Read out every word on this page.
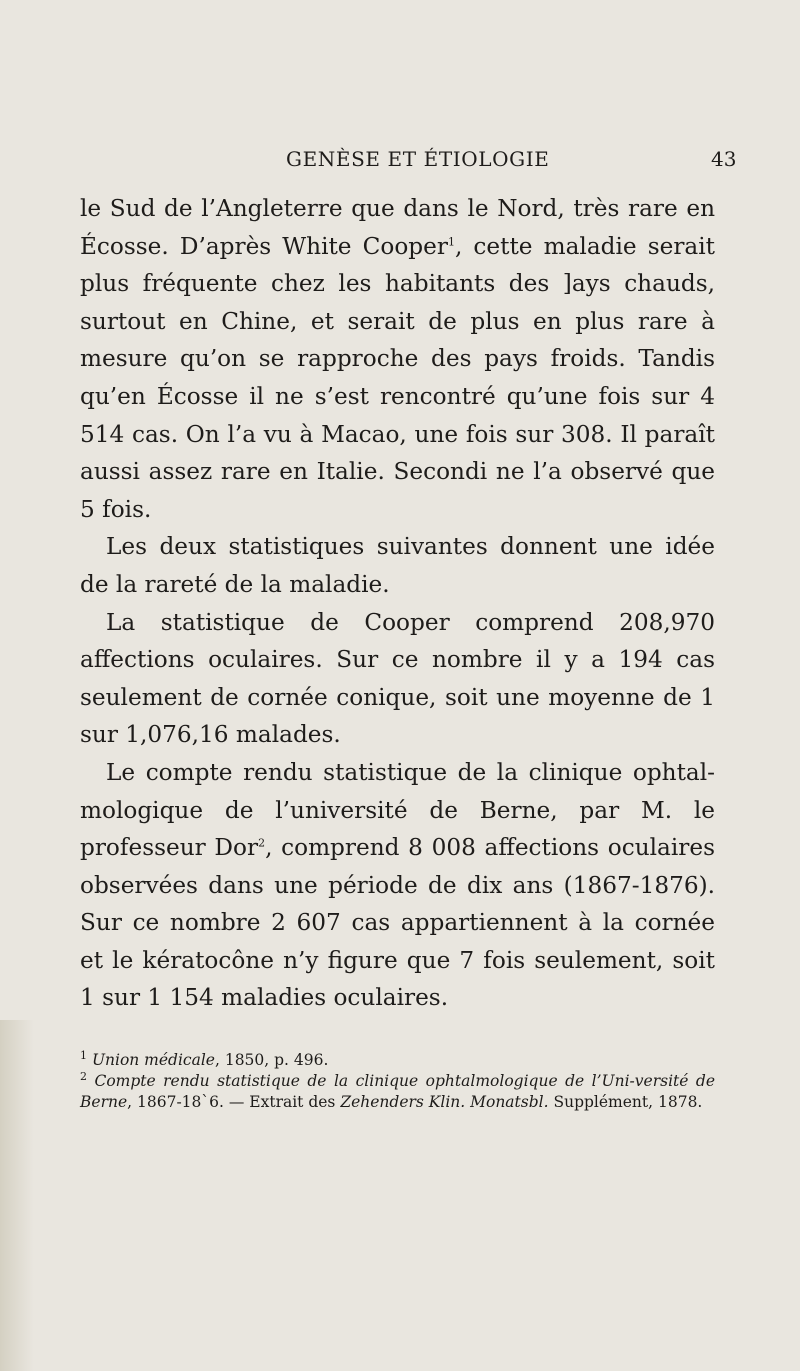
GENÈSE ET ÉTIOLOGIE	43

le Sud de l’Angleterre que dans le Nord, très rare en Écosse. D’après White Cooper$^1$, cette maladie serait plus fréquente chez les habitants des ]ays chauds, surtout en Chine, et serait de plus en plus rare à mesure qu’on se rapproche des pays froids. Tandis qu’en Écosse il ne s’est rencontré qu’une fois sur 4 514 cas. On l’a vu à Macao, une fois sur 308. Il paraît aussi assez rare en Italie. Secondi ne l’a observé que 5 fois.

Les deux statistiques suivantes donnent une idée de la rareté de la maladie.

La statistique de Cooper comprend 208,970 affections oculaires. Sur ce nombre il y a 194 cas seulement de cornée conique, soit une moyenne de 1 sur 1,076,16 malades.

Le compte rendu statistique de la clinique ophtal-mologique de l’université de Berne, par M. le professeur Dor$^2$, comprend 8 008 affections oculaires observées dans une période de dix ans (1867-1876). Sur ce nombre 2 607 cas appartiennent à la cornée et le kératocône n’y figure que 7 fois seulement, soit 1 sur 1 154 maladies oculaires.

$^1$ Union médicale, 1850, p. 496.

$^2$ Compte rendu statistique de la clinique ophtalmologique de l’Uni-versité de Berne, 1867-18`6. — Extrait des Zehenders Klin. Monatsbl. Supplément, 1878.
